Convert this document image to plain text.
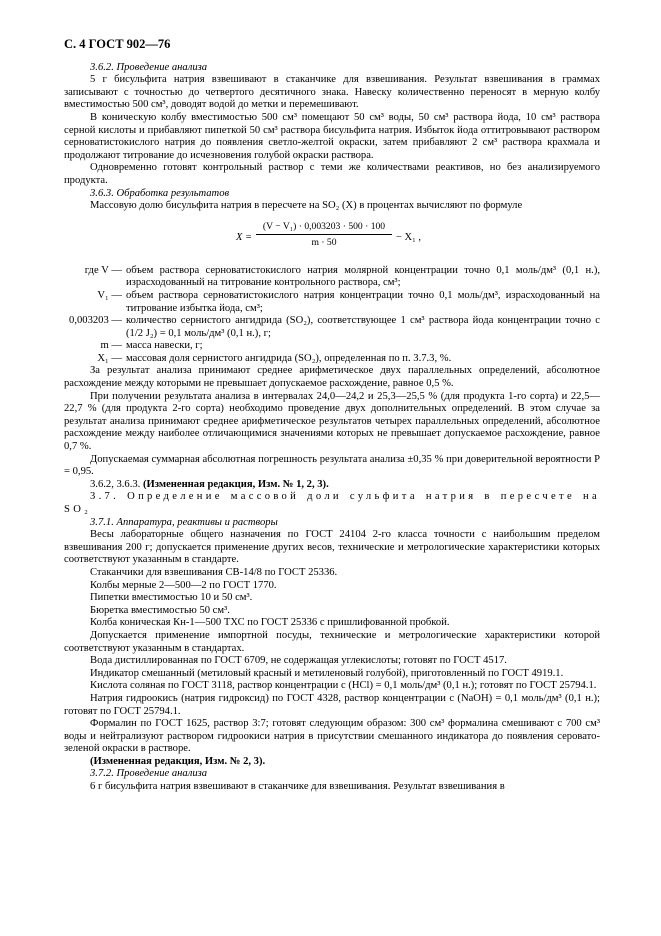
С. 4 ГОСТ 902—76

3.6.2. Проведение анализа

5 г бисульфита натрия взвешивают в стаканчике для взвешивания. Результат взвешивания в граммах записывают с точностью до четвертого десятичного знака. Навеску количественно переносят в мерную колбу вместимостью 500 см³, доводят водой до метки и перемешивают.

В коническую колбу вместимостью 500 см³ помещают 50 см³ воды, 50 см³ раствора йода, 10 см³ раствора серной кислоты и прибавляют пипеткой 50 см³ раствора бисульфита натрия. Избыток йода оттитровывают раствором серноватистокислого натрия до появления светло-желтой окраски, затем прибавляют 2 см³ раствора крахмала и продолжают титрование до исчезновения голубой окраски раствора.

Одновременно готовят контрольный раствор с теми же количествами реактивов, но без анализируемого продукта.

3.6.3. Обработка результатов

Массовую долю бисульфита натрия в пересчете на SO₂ (X) в процентах вычисляют по формуле

$X = \frac{\text{(V − V₁) · 0,003203 · 500 · 100}}{m \cdot 50} - X_1$ ,
где V — объем раствора серноватистокислого натрия молярной концентрации точно 0,1 моль/дм³ (0,1 н.), израсходованный на титрование контрольного раствора, см³;
V₁ — объем раствора серноватистокислого натрия концентрации точно 0,1 моль/дм³, израсходованный на титрование избытка йода, см³;
0,003203 — количество сернистого ангидрида (SO₂), соответствующее 1 см³ раствора йода концентрации точно c (1/2 J₂) = 0,1 моль/дм³ (0,1 н.), г;
m — масса навески, г;
X₁ — массовая доля сернистого ангидрида (SO₂), определенная по п. 3.7.3, %.

За результат анализа принимают среднее арифметическое двух параллельных определений, абсолютное расхождение между которыми не превышает допускаемое расхождение, равное 0,5 %.

При получении результата анализа в интервалах 24,0—24,2 и 25,3—25,5 % (для продукта 1-го сорта) и 22,5—22,7 % (для продукта 2-го сорта) необходимо проведение двух дополнительных определений. В этом случае за результат анализа принимают среднее арифметическое результатов четырех параллельных определений, абсолютное расхождение между наиболее отличающимися значениями которых не превышает допускаемое расхождение, равное 0,7 %.

Допускаемая суммарная абсолютная погрешность результата анализа ±0,35 % при доверительной вероятности P = 0,95.

3.6.2, 3.6.3. (Измененная редакция, Изм. № 1, 2, 3).

3.7. Определение массовой доли сульфита натрия в пересчете на SO₂

3.7.1. Аппаратура, реактивы и растворы

Весы лабораторные общего назначения по ГОСТ 24104 2-го класса точности с наибольшим пределом взвешивания 200 г; допускается применение других весов, технические и метрологические характеристики которых соответствуют указанным в стандарте.

Стаканчики для взвешивания СВ-14/8 по ГОСТ 25336.

Колбы мерные 2—500—2 по ГОСТ 1770.

Пипетки вместимостью 10 и 50 см³.

Бюретка вместимостью 50 см³.

Колба коническая Кн-1—500 ТХС по ГОСТ 25336 с пришлифованной пробкой.

Допускается применение импортной посуды, технические и метрологические характеристики которой соответствуют указанным в стандартах.

Вода дистиллированная по ГОСТ 6709, не содержащая углекислоты; готовят по ГОСТ 4517.

Индикатор смешанный (метиловый красный и метиленовый голубой), приготовленный по ГОСТ 4919.1.

Кислота соляная по ГОСТ 3118, раствор концентрации c (HCl) = 0,1 моль/дм³ (0,1 н.); готовят по ГОСТ 25794.1.

Натрия гидроокись (натрия гидроксид) по ГОСТ 4328, раствор концентрации c (NaOH) = 0,1 моль/дм³ (0,1 н.); готовят по ГОСТ 25794.1.

Формалин по ГОСТ 1625, раствор 3:7; готовят следующим образом: 300 см³ формалина смешивают с 700 см³ воды и нейтрализуют раствором гидроокиси натрия в присутствии смешанного индикатора до появления серовато-зеленой окраски в растворе.

(Измененная редакция, Изм. № 2, 3).

3.7.2. Проведение анализа

6 г бисульфита натрия взвешивают в стаканчике для взвешивания. Результат взвешивания в
